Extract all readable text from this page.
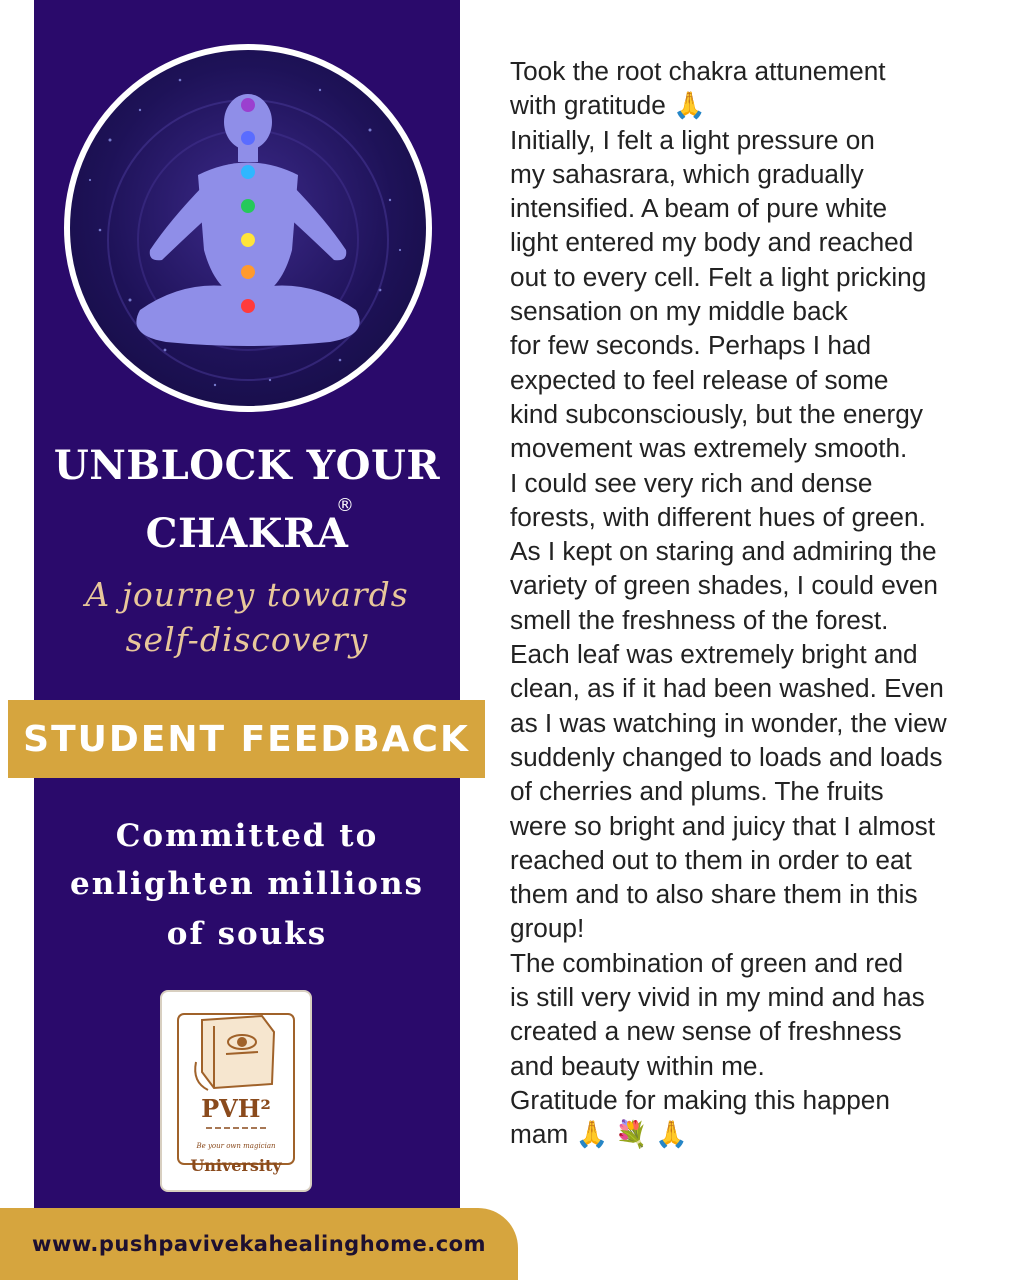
UNBLOCK YOUR
CHAKRA
®

A journey towards

self-discovery

STUDENT FEEDBACK

Committed to

enlighten millions

of souks

PVH²
Be your own magician
University
www.pushpavivekahealinghome.com
Took the root chakra attunement
with gratitude 🙏
Initially, I felt a light pressure on
my sahasrara, which gradually
intensified. A beam of pure white
light entered my body and reached
out to every cell. Felt a light pricking
sensation on my middle back
for few seconds. Perhaps I had
expected to feel release of some
kind subconsciously, but the energy
movement was extremely smooth.
I could see very rich and dense
forests, with different hues of green.
As I kept on staring and admiring the
variety of green shades, I could even
smell the freshness of the forest.
Each leaf was extremely bright and
clean, as if it had been washed. Even
as I was watching in wonder, the view
suddenly changed to loads and loads
of cherries and plums. The fruits
were so bright and juicy that I almost
reached out to them in order to eat
them and to also share them in this
group!
The combination of green and red
is still very vivid in my mind and has
created a new sense of freshness
and beauty within me.
Gratitude for making this happen
mam 🙏 💐 🙏
